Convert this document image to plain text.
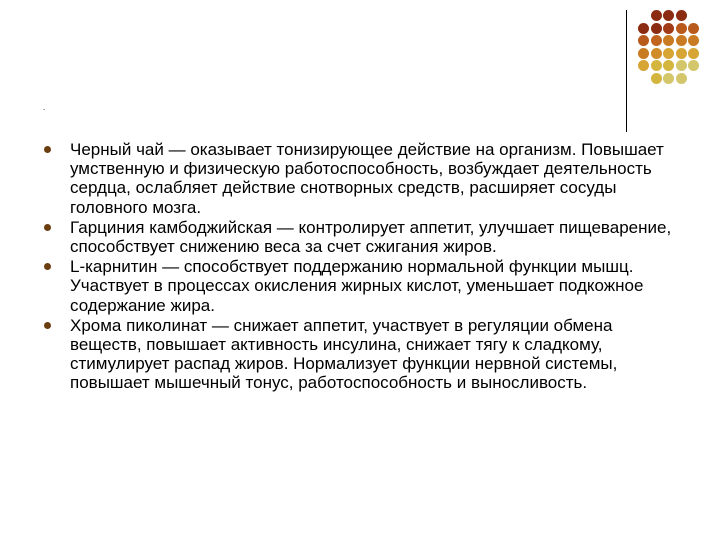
.
Черный чай — оказывает тонизирующее действие на организм. Повышает умственную и физическую работоспособность, возбуждает деятельность сердца, ослабляет действие снотворных средств, расширяет сосуды головного мозга.
Гарциния камбоджийская — контролирует аппетит, улучшает пищеварение, способствует снижению веса за счет сжигания жиров.
L-карнитин — способствует поддержанию нормальной функции мышц. Участвует в процессах окисления жирных кислот, уменьшает подкожное содержание жира.
Хрома пиколинат — снижает аппетит, участвует в регуляции обмена веществ, повышает активность инсулина, снижает тягу к сладкому, стимулирует распад жиров. Нормализует функции нервной системы, повышает мышечный тонус, работоспособность и выносливость.
